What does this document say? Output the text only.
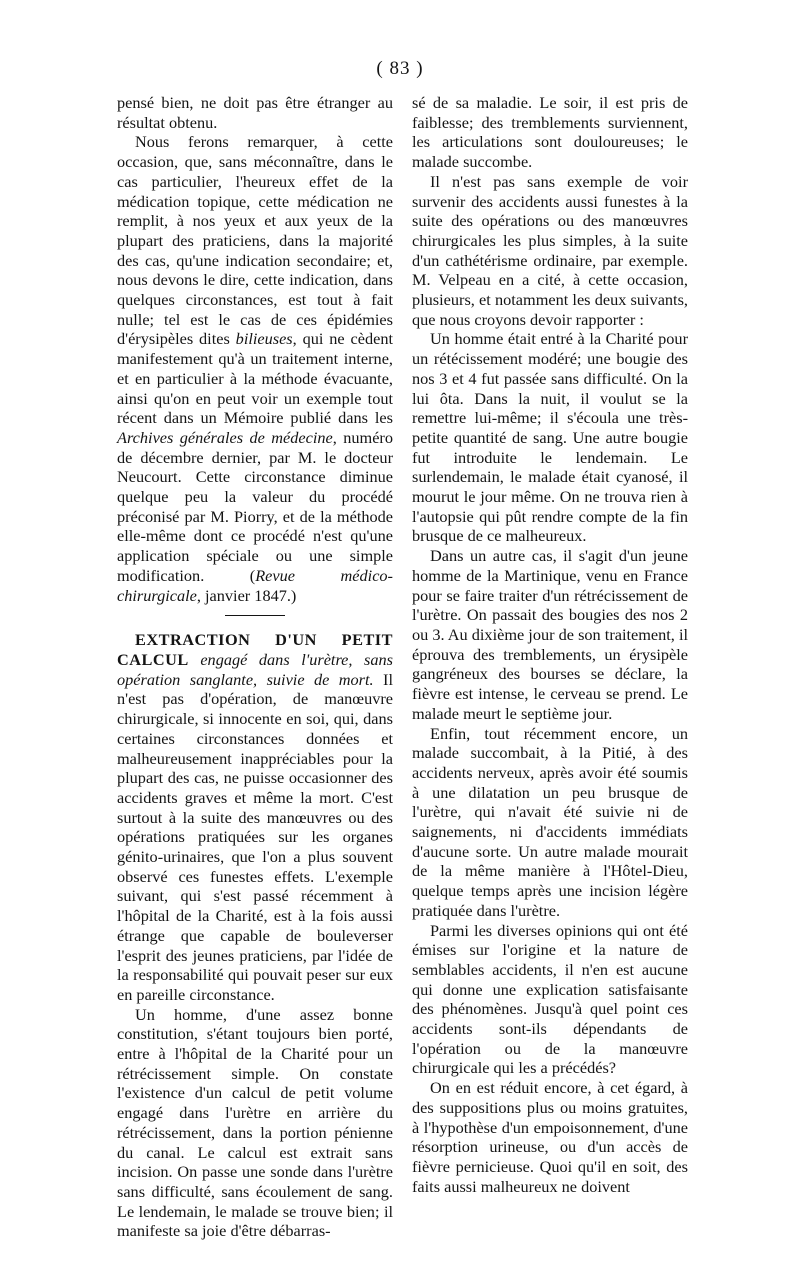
( 83 )

pensé bien, ne doit pas être étranger au résultat obtenu.

Nous ferons remarquer, à cette occasion, que, sans méconnaître, dans le cas particulier, l'heureux effet de la médication topique, cette médication ne remplit, à nos yeux et aux yeux de la plupart des praticiens, dans la majorité des cas, qu'une indication secondaire; et, nous devons le dire, cette indication, dans quelques circonstances, est tout à fait nulle; tel est le cas de ces épidémies d'érysipèles dites bilieuses, qui ne cèdent manifestement qu'à un traitement interne, et en particulier à la méthode évacuante, ainsi qu'on en peut voir un exemple tout récent dans un Mémoire publié dans les Archives générales de médecine, numéro de décembre dernier, par M. le docteur Neucourt. Cette circonstance diminue quelque peu la valeur du procédé préconisé par M. Piorry, et de la méthode elle-même dont ce procédé n'est qu'une application spéciale ou une simple modification. (Revue médico-chirurgicale, janvier 1847.)

EXTRACTION D'UN PETIT CALCUL engagé dans l'urètre, sans opération sanglante, suivie de mort. Il n'est pas d'opération, de manœuvre chirurgicale, si innocente en soi, qui, dans certaines circonstances données et malheureusement inappréciables pour la plupart des cas, ne puisse occasionner des accidents graves et même la mort. C'est surtout à la suite des manœuvres ou des opérations pratiquées sur les organes génito-urinaires, que l'on a plus souvent observé ces funestes effets. L'exemple suivant, qui s'est passé récemment à l'hôpital de la Charité, est à la fois aussi étrange que capable de bouleverser l'esprit des jeunes praticiens, par l'idée de la responsabilité qui pouvait peser sur eux en pareille circonstance.

Un homme, d'une assez bonne constitution, s'étant toujours bien porté, entre à l'hôpital de la Charité pour un rétrécissement simple. On constate l'existence d'un calcul de petit volume engagé dans l'urètre en arrière du rétrécissement, dans la portion pénienne du canal. Le calcul est extrait sans incision. On passe une sonde dans l'urètre sans difficulté, sans écoulement de sang. Le lendemain, le malade se trouve bien; il manifeste sa joie d'être débarras-

sé de sa maladie. Le soir, il est pris de faiblesse; des tremblements surviennent, les articulations sont douloureuses; le malade succombe.

Il n'est pas sans exemple de voir survenir des accidents aussi funestes à la suite des opérations ou des manœuvres chirurgicales les plus simples, à la suite d'un cathétérisme ordinaire, par exemple. M. Velpeau en a cité, à cette occasion, plusieurs, et notamment les deux suivants, que nous croyons devoir rapporter :

Un homme était entré à la Charité pour un rétécissement modéré; une bougie des nos 3 et 4 fut passée sans difficulté. On la lui ôta. Dans la nuit, il voulut se la remettre lui-même; il s'écoula une très-petite quantité de sang. Une autre bougie fut introduite le lendemain. Le surlendemain, le malade était cyanosé, il mourut le jour même. On ne trouva rien à l'autopsie qui pût rendre compte de la fin brusque de ce malheureux.

Dans un autre cas, il s'agit d'un jeune homme de la Martinique, venu en France pour se faire traiter d'un rétrécissement de l'urètre. On passait des bougies des nos 2 ou 3. Au dixième jour de son traitement, il éprouva des tremblements, un érysipèle gangréneux des bourses se déclare, la fièvre est intense, le cerveau se prend. Le malade meurt le septième jour.

Enfin, tout récemment encore, un malade succombait, à la Pitié, à des accidents nerveux, après avoir été soumis à une dilatation un peu brusque de l'urètre, qui n'avait été suivie ni de saignements, ni d'accidents immédiats d'aucune sorte. Un autre malade mourait de la même manière à l'Hôtel-Dieu, quelque temps après une incision légère pratiquée dans l'urètre.

Parmi les diverses opinions qui ont été émises sur l'origine et la nature de semblables accidents, il n'en est aucune qui donne une explication satisfaisante des phénomènes. Jusqu'à quel point ces accidents sont-ils dépendants de l'opération ou de la manœuvre chirurgicale qui les a précédés?

On en est réduit encore, à cet égard, à des suppositions plus ou moins gratuites, à l'hypothèse d'un empoisonnement, d'une résorption urineuse, ou d'un accès de fièvre pernicieuse. Quoi qu'il en soit, des faits aussi malheureux ne doivent
